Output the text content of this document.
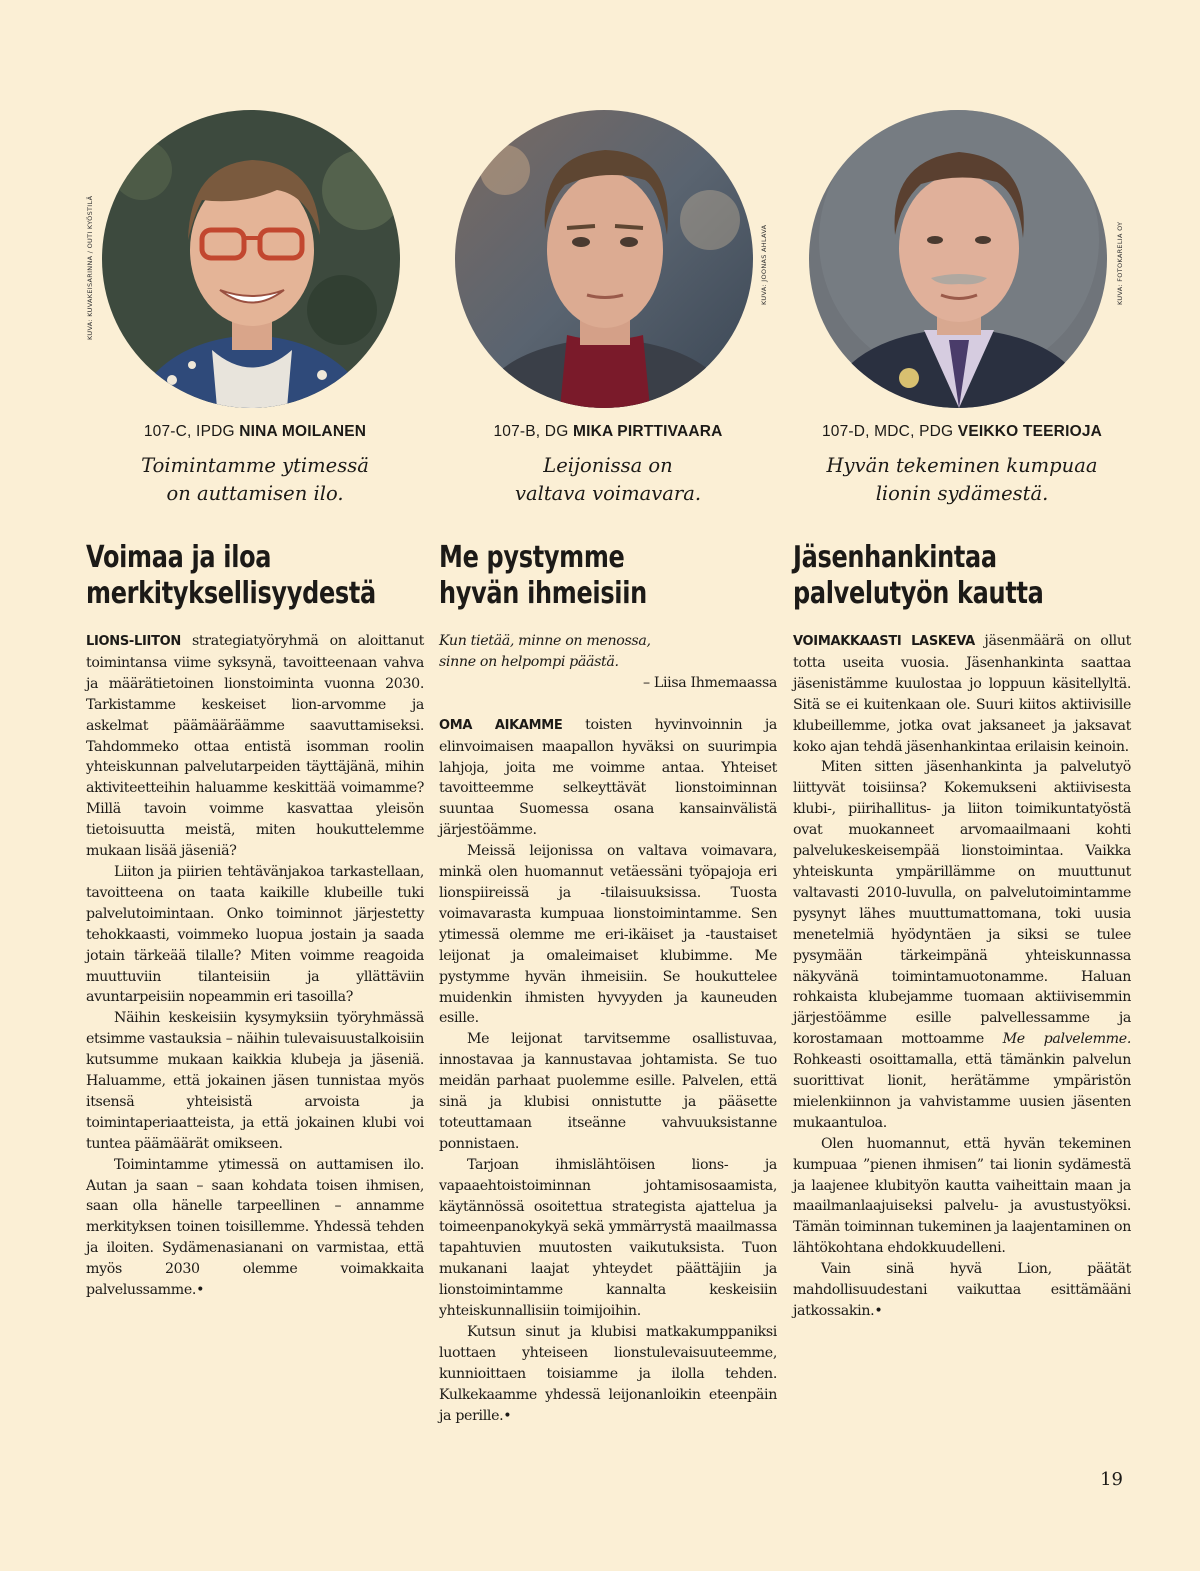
KUVA: KUVAKEISARINNA / OUTI KYÖSTILÄ
107-C, IPDG NINA MOILANEN
Toimintamme ytimessä
on auttamisen ilo.
Voimaa ja iloa
merkityksellisyydestä

LIONS-LIITON strategiatyöryhmä on aloittanut toimintansa viime syksynä, tavoitteenaan vahva ja määrätietoinen lionstoiminta vuonna 2030. Tarkistamme keskeiset lion-arvomme ja askelmat päämääräämme saavuttamiseksi. Tahdommeko ottaa entistä isomman roolin yhteiskunnan palvelutarpeiden täyttäjänä, mihin aktiviteetteihin haluamme keskittää voimamme? Millä tavoin voimme kasvattaa yleisön tietoisuutta meistä, miten houkuttelemme mukaan lisää jäseniä?

Liiton ja piirien tehtävänjakoa tarkastellaan, tavoitteena on taata kaikille klubeille tuki palvelutoimintaan. Onko toiminnot järjestetty tehokkaasti, voimmeko luopua jostain ja saada jotain tärkeää tilalle? Miten voimme reagoida muuttuviin tilanteisiin ja yllättäviin avuntarpeisiin nopeammin eri tasoilla?

Näihin keskeisiin kysymyksiin työryhmässä etsimme vastauksia – näihin tulevaisuustalkoisiin kutsumme mukaan kaikkia klubeja ja jäseniä. Haluamme, että jokainen jäsen tunnistaa myös itsensä yhteisistä arvoista ja toimintaperiaatteista, ja että jokainen klubi voi tuntea päämäärät omikseen.

Toimintamme ytimessä on auttamisen ilo. Autan ja saan – saan kohdata toisen ihmisen, saan olla hänelle tarpeellinen – annamme merkityksen toinen toisillemme. Yhdessä tehden ja iloiten. Sydämenasianani on varmistaa, että myös 2030 olemme voimakkaita palvelussamme.•

KUVA: JOONAS AHLAVA
107-B, DG MIKA PIRTTIVAARA
Leijonissa on
valtava voimavara.
Me pystymme
hyvän ihmeisiin

Kun tietää, minne on menossa,
sinne on helpompi päästä.

– Liisa Ihmemaassa

OMA AIKAMME toisten hyvinvoinnin ja elinvoimaisen maapallon hyväksi on suurimpia lahjoja, joita me voimme antaa. Yhteiset tavoitteemme selkeyttävät lionstoiminnan suuntaa Suomessa osana kansainvälistä järjestöämme.

Meissä leijonissa on valtava voimavara, minkä olen huomannut vetäessäni työpajoja eri lionspiireissä ja -tilaisuuksissa. Tuosta voimavarasta kumpuaa lionstoimintamme. Sen ytimessä olemme me eri-ikäiset ja -taustaiset leijonat ja omaleimaiset klubimme. Me pystymme hyvän ihmeisiin. Se houkuttelee muidenkin ihmisten hyvyyden ja kauneuden esille.

Me leijonat tarvitsemme osallistuvaa, innostavaa ja kannustavaa johtamista. Se tuo meidän parhaat puolemme esille. Palvelen, että sinä ja klubisi onnistutte ja pääsette toteuttamaan itseänne vahvuuksistanne ponnistaen.

Tarjoan ihmislähtöisen lions- ja vapaaehtoistoiminnan johtamisosaamista, käytännössä osoitettua strategista ajattelua ja toimeenpanokykyä sekä ymmärrystä maailmassa tapahtuvien muutosten vaikutuksista. Tuon mukanani laajat yhteydet päättäjiin ja lionstoimintamme kannalta keskeisiin yhteiskunnallisiin toimijoihin.

Kutsun sinut ja klubisi matkakumppaniksi luottaen yhteiseen lionstulevaisuuteemme, kunnioittaen toisiamme ja ilolla tehden. Kulkekaamme yhdessä leijonanloikin eteenpäin ja perille.•

KUVA: FOTOKARELIA OY
107-D, MDC, PDG VEIKKO TEERIOJA
Hyvän tekeminen kumpuaa
lionin sydämestä.
Jäsenhankintaa
palvelutyön kautta

VOIMAKKAASTI LASKEVA jäsenmäärä on ollut totta useita vuosia. Jäsenhankinta saattaa jäsenistämme kuulostaa jo loppuun käsitellyltä. Sitä se ei kuitenkaan ole. Suuri kiitos aktiivisille klubeillemme, jotka ovat jaksaneet ja jaksavat koko ajan tehdä jäsenhankintaa erilaisin keinoin.

Miten sitten jäsenhankinta ja palvelutyö liittyvät toisiinsa? Kokemukseni aktiivisesta klubi-, piirihallitus- ja liiton toimikuntatyöstä ovat muokanneet arvomaailmaani kohti palvelukeskeisempää lionstoimintaa. Vaikka yhteiskunta ympärillämme on muuttunut valtavasti 2010-luvulla, on palvelutoimintamme pysynyt lähes muuttumattomana, toki uusia menetelmiä hyödyntäen ja siksi se tulee pysymään tärkeimpänä yhteiskunnassa näkyvänä toimintamuotonamme. Haluan rohkaista klubejamme tuomaan aktiivisemmin järjestöämme esille palvellessamme ja korostamaan mottoamme Me palvelemme. Rohkeasti osoittamalla, että tämänkin palvelun suorittivat lionit, herätämme ympäristön mielenkiinnon ja vahvistamme uusien jäsenten mukaantuloa.

Olen huomannut, että hyvän tekeminen kumpuaa ”pienen ihmisen” tai lionin sydämestä ja laajenee klubityön kautta vaiheittain maan ja maailmanlaajuiseksi palvelu- ja avustustyöksi. Tämän toiminnan tukeminen ja laajentaminen on lähtökohtana ehdokkuudelleni.

Vain sinä hyvä Lion, päätät mahdollisuudestani vaikuttaa esittämääni jatkossakin.•

19
